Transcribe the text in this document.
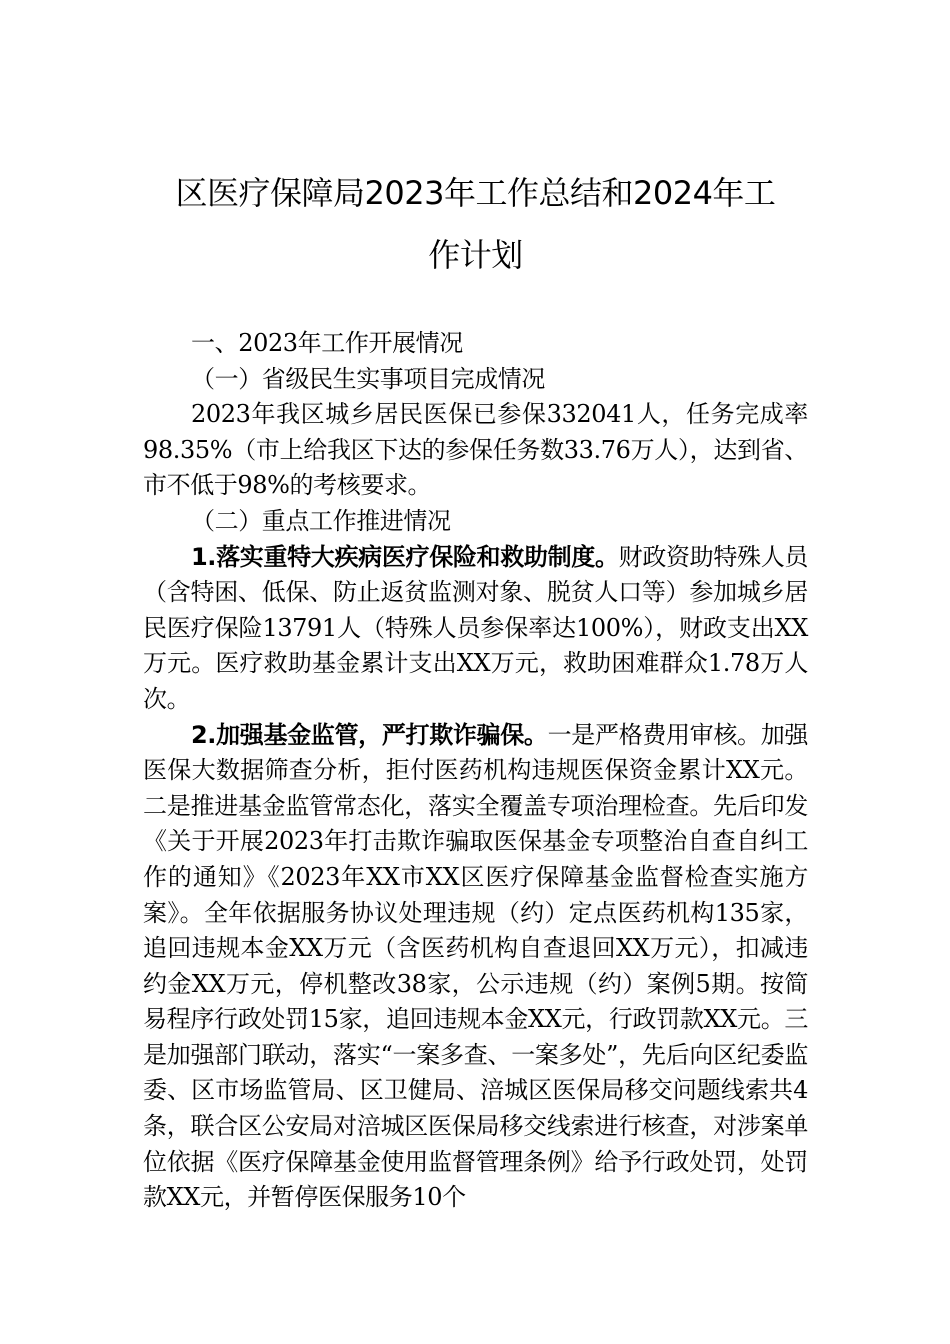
区医疗保障局2023年工作总结和2024年工
作计划

一、2023年工作开展情况

（一）省级民生实事项目完成情况

2023年我区城乡居民医保已参保332041人，任务完成率98.35%（市上给我区下达的参保任务数33.76万人），达到省、市不低于98%的考核要求。

（二）重点工作推进情况

1.落实重特大疾病医疗保险和救助制度。财政资助特殊人员（含特困、低保、防止返贫监测对象、脱贫人口等）参加城乡居民医疗保险13791人（特殊人员参保率达100%），财政支出XX万元。医疗救助基金累计支出XX万元，救助困难群众1.78万人次。

2.加强基金监管，严打欺诈骗保。一是严格费用审核。加强医保大数据筛查分析，拒付医药机构违规医保资金累计XX元。二是推进基金监管常态化，落实全覆盖专项治理检查。先后印发《关于开展2023年打击欺诈骗取医保基金专项整治自查自纠工作的通知》《2023年XX市XX区医疗保障基金监督检查实施方案》。全年依据服务协议处理违规（约）定点医药机构135家，追回违规本金XX万元（含医药机构自查退回XX万元），扣减违约金XX万元，停机整改38家，公示违规（约）案例5期。按简易程序行政处罚15家，追回违规本金XX元，行政罚款XX元。三是加强部门联动，落实“一案多查、一案多处”，先后向区纪委监委、区市场监管局、区卫健局、涪城区医保局移交问题线索共4条，联合区公安局对涪城区医保局移交线索进行核查，对涉案单位依据《医疗保障基金使用监督管理条例》给予行政处罚，处罚款XX元，并暂停医保服务10个
